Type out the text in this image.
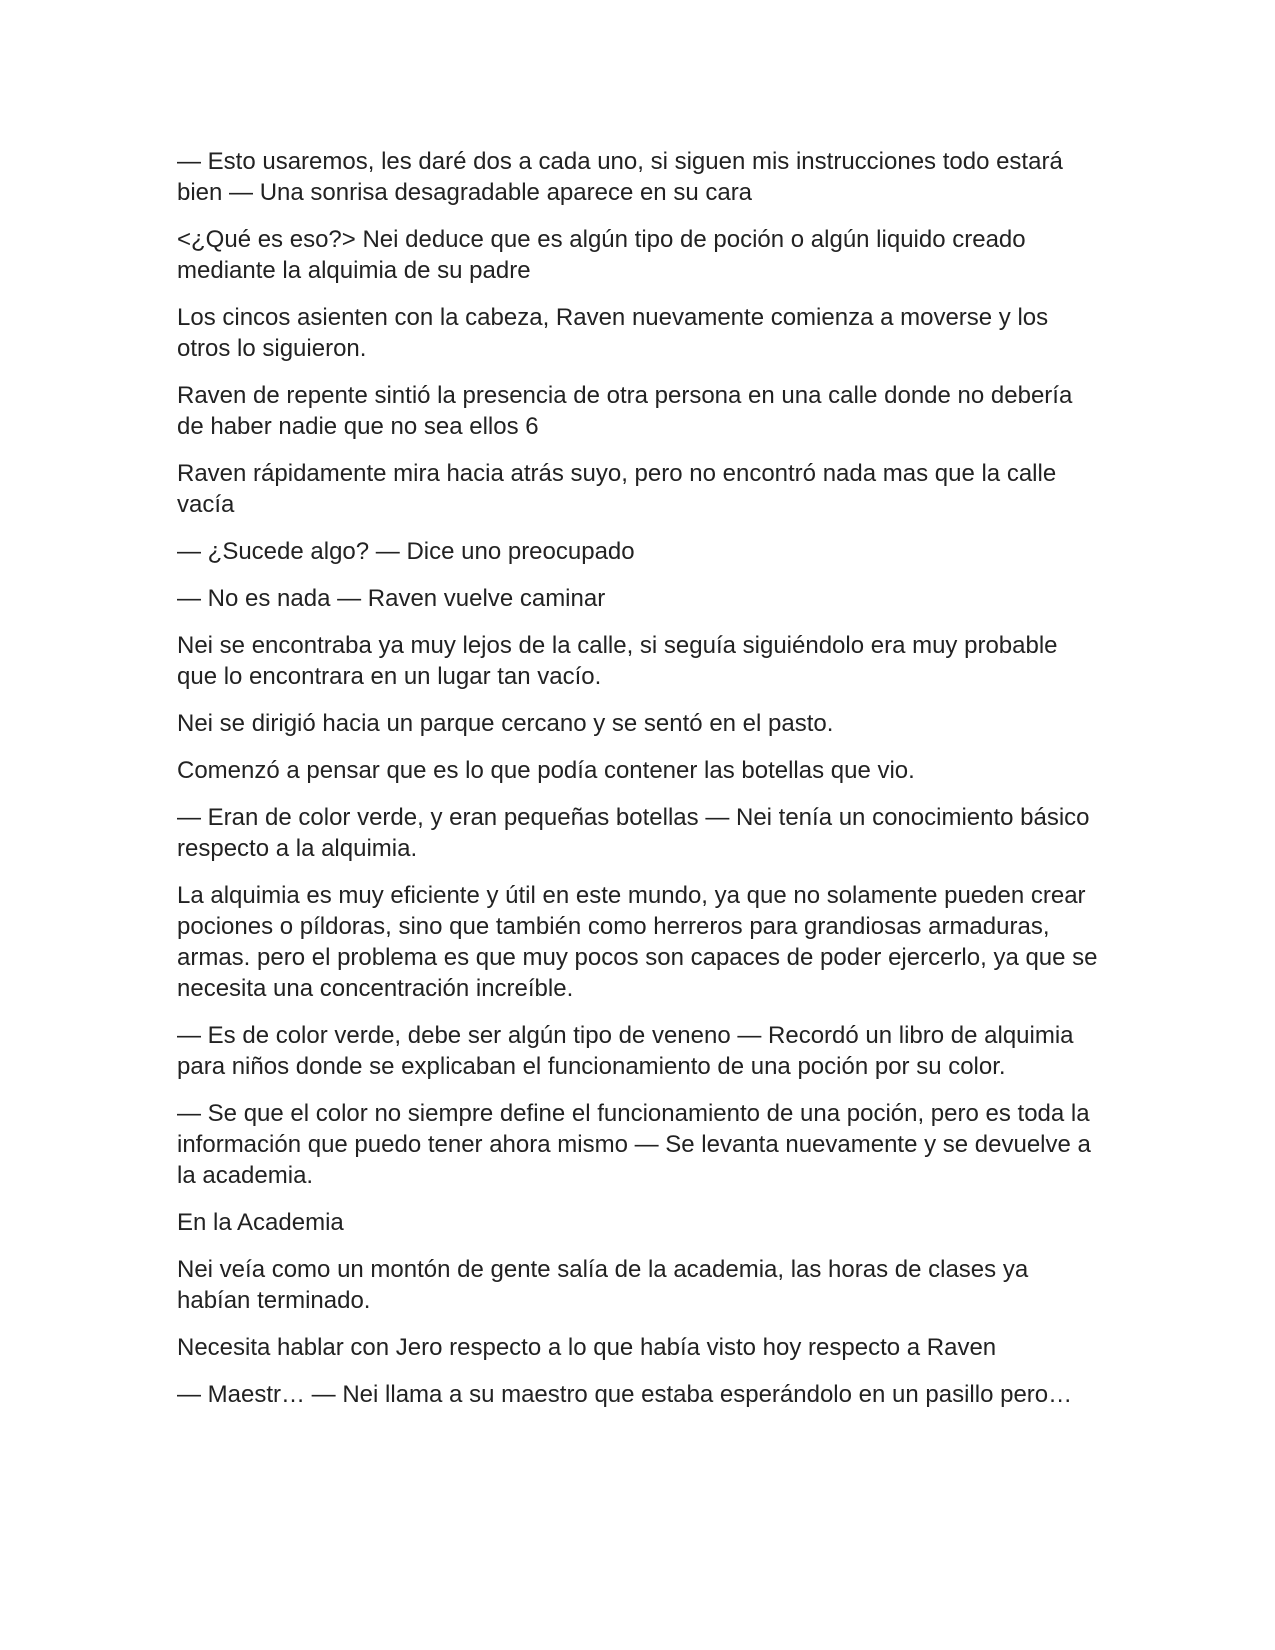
— Esto usaremos, les daré dos a cada uno, si siguen mis instrucciones todo estará bien — Una sonrisa desagradable aparece en su cara

<¿Qué es eso?> Nei deduce que es algún tipo de poción o algún liquido creado mediante la alquimia de su padre

Los cincos asienten con la cabeza, Raven nuevamente comienza a moverse y los otros lo siguieron.

Raven de repente sintió la presencia de otra persona en una calle donde no debería de haber nadie que no sea ellos 6

Raven rápidamente mira hacia atrás suyo, pero no encontró nada mas que la calle vacía

— ¿Sucede algo? — Dice uno preocupado

— No es nada — Raven vuelve caminar

Nei se encontraba ya muy lejos de la calle, si seguía siguiéndolo era muy probable que lo encontrara en un lugar tan vacío.

Nei se dirigió hacia un parque cercano y se sentó en el pasto.

Comenzó a pensar que es lo que podía contener las botellas que vio.

— Eran de color verde, y eran pequeñas botellas — Nei tenía un conocimiento básico respecto a la alquimia.

La alquimia es muy eficiente y útil en este mundo, ya que no solamente pueden crear pociones o píldoras, sino que también como herreros para grandiosas armaduras, armas. pero el problema es que muy pocos son capaces de poder ejercerlo, ya que se necesita una concentración increíble.

— Es de color verde, debe ser algún tipo de veneno — Recordó un libro de alquimia para niños donde se explicaban el funcionamiento de una poción por su color.

— Se que el color no siempre define el funcionamiento de una poción, pero es toda la información que puedo tener ahora mismo — Se levanta nuevamente y se devuelve a la academia.

En la Academia

Nei veía como un montón de gente salía de la academia, las horas de clases ya habían terminado.

Necesita hablar con Jero respecto a lo que había visto hoy respecto a Raven

— Maestr… — Nei llama a su maestro que estaba esperándolo en un pasillo pero…
